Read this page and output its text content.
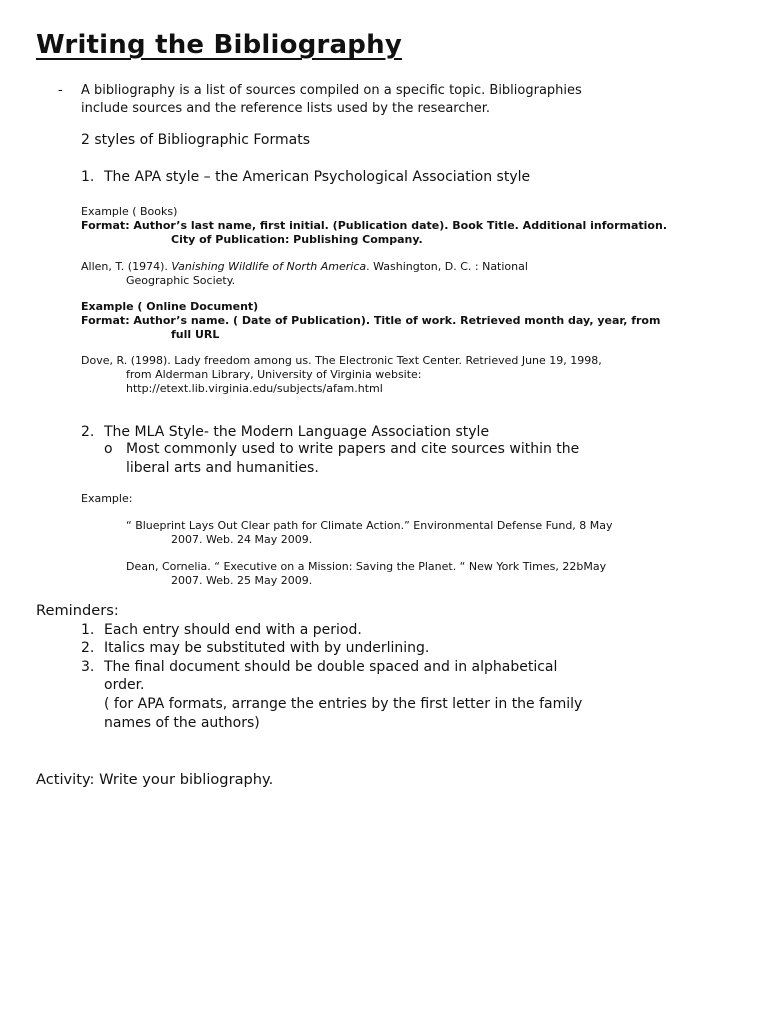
Writing the Bibliography
- A bibliography is a list of sources compiled on a specific topic. Bibliographies
include sources and the reference lists used by the researcher.
2 styles of Bibliographic Formats
1. The APA style – the American Psychological Association style
Example ( Books)
Format: Author’s last name, first initial. (Publication date). Book Title. Additional information.
City of Publication: Publishing Company.
Allen, T. (1974). Vanishing Wildlife of North America. Washington, D. C. : National
Geographic Society.
Example ( Online Document)
Format: Author’s name. ( Date of Publication). Title of work. Retrieved month day, year, from
full URL
Dove, R. (1998). Lady freedom among us. The Electronic Text Center. Retrieved June 19, 1998,
from Alderman Library, University of Virginia website:
http://etext.lib.virginia.edu/subjects/afam.html
2. The MLA Style- the Modern Language Association style
o Most commonly used to write papers and cite sources within the
liberal arts and humanities.
Example:
“ Blueprint Lays Out Clear path for Climate Action.” Environmental Defense Fund, 8 May
2007. Web. 24 May 2009.
Dean, Cornelia. “ Executive on a Mission: Saving the Planet. “ New York Times, 22bMay
2007. Web. 25 May 2009.
Reminders:
1. Each entry should end with a period.
2. Italics may be substituted with by underlining.
3. The final document should be double spaced and in alphabetical
order.
( for APA formats, arrange the entries by the first letter in the family
names of the authors)
Activity: Write your bibliography.
